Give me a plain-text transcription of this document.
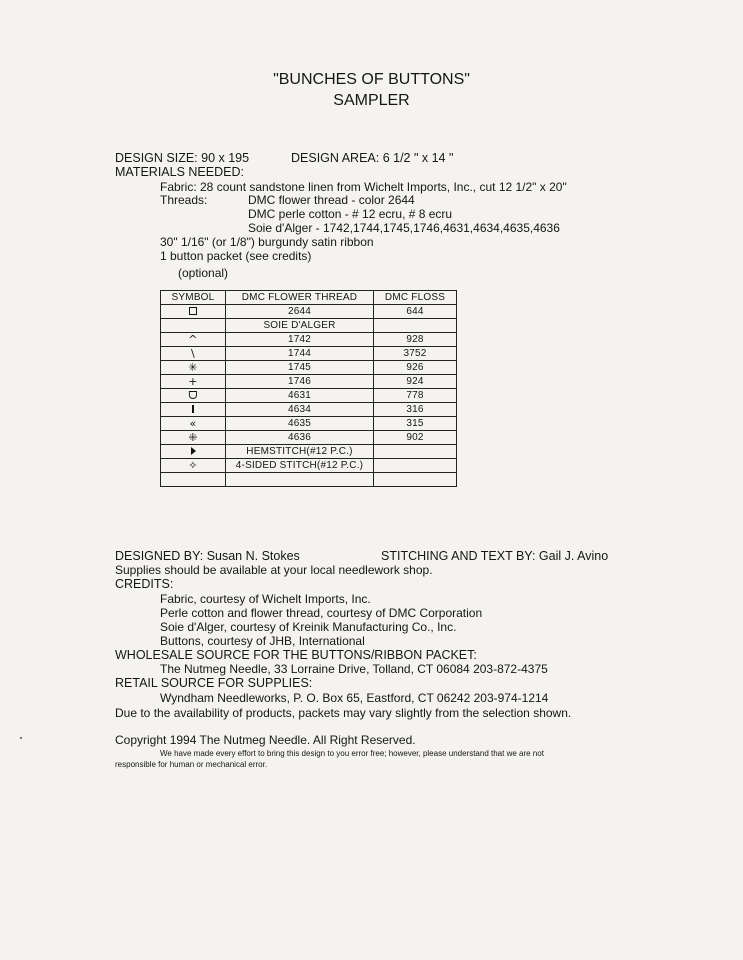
"BUNCHES OF BUTTONS"
SAMPLER
DESIGN SIZE: 90 x 195	DESIGN AREA: 6 1/2 " x 14 "
MATERIALS NEEDED:
Fabric: 28 count sandstone linen from Wichelt Imports, Inc., cut 12 1/2" x 20"
Threads:	DMC flower thread - color 2644
DMC perle cotton - # 12 ecru, # 8 ecru
Soie d'Alger - 1742,1744,1745,1746,4631,4634,4635,4636
30" 1/16" (or 1/8") burgundy satin ribbon
1 button packet (see credits)
(optional)
SYMBOL	DMC FLOWER THREAD	DMC FLOSS
	2644	644
	SOIE D'ALGER	
^	1742	928
\	1744	3752
✳	1745	926
+	1746	924
ᗜ	4631	778
	4634	316
«	4635	315
⁜	4636	902
	HEMSTITCH(#12 P.C.)	
✧	4-SIDED STITCH(#12 P.C.)	

DESIGNED BY: Susan N. Stokes	STITCHING AND TEXT BY: Gail J. Avino
Supplies should be available at your local needlework shop.
CREDITS:
Fabric, courtesy of Wichelt Imports, Inc.
Perle cotton and flower thread, courtesy of DMC Corporation
Soie d'Alger, courtesy of Kreinik Manufacturing Co., Inc.
Buttons, courtesy of JHB, International
WHOLESALE SOURCE FOR THE BUTTONS/RIBBON PACKET:
The Nutmeg Needle, 33 Lorraine Drive, Tolland, CT 06084 203-872-4375
RETAIL SOURCE FOR SUPPLIES:
Wyndham Needleworks, P. O. Box 65, Eastford, CT 06242 203-974-1214
Due to the availability of products, packets may vary slightly from the selection shown.
Copyright 1994 The Nutmeg Needle. All Right Reserved.
We have made every effort to bring this design to you error free; however, please understand that we are not
responsible for human or mechanical error.
